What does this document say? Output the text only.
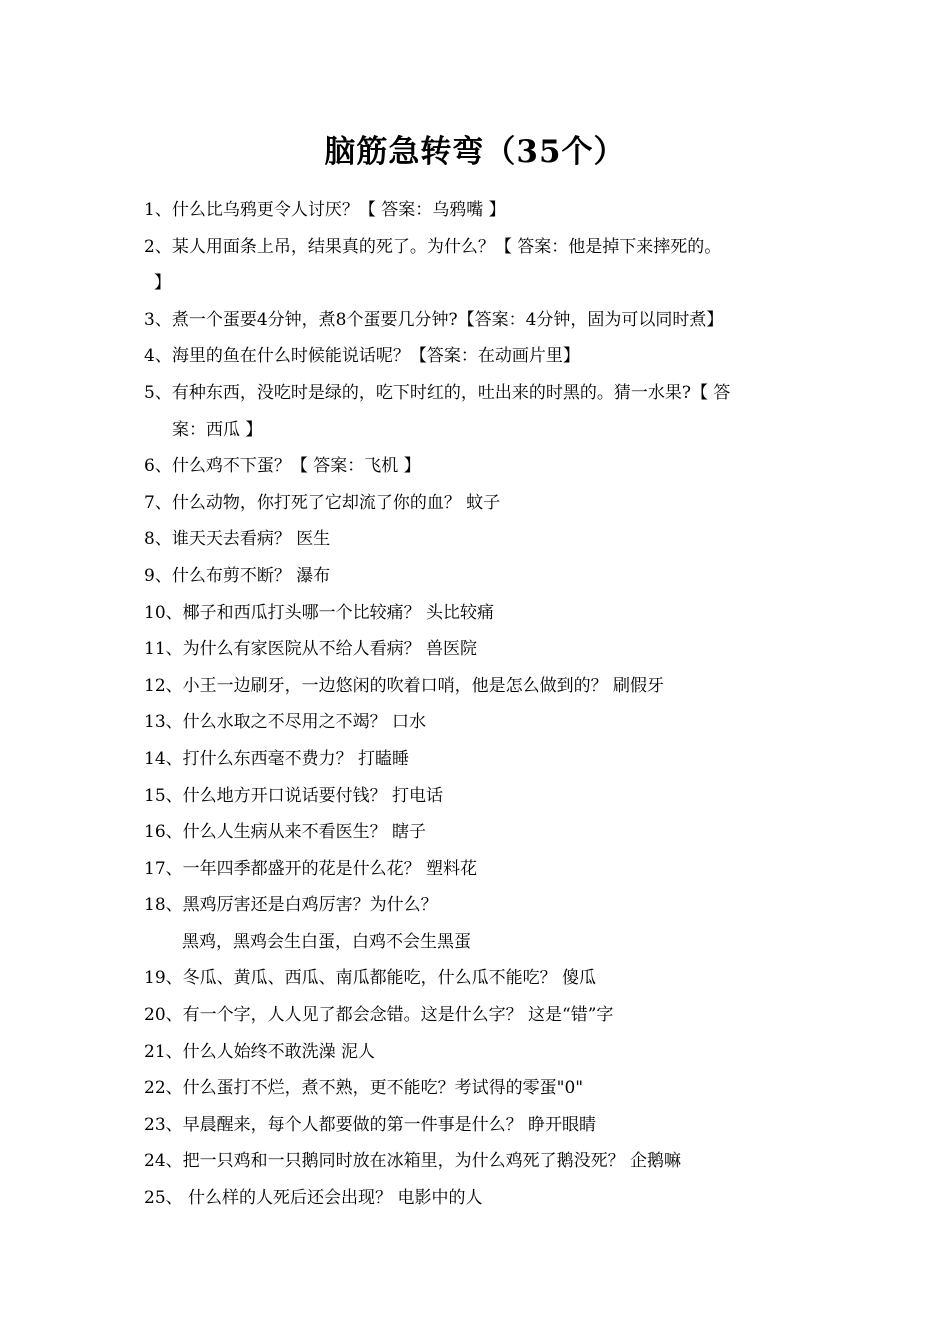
脑筋急转弯（35个）
1、什么比乌鸦更令人讨厌？【 答案：乌鸦嘴 】
2、某人用面条上吊，结果真的死了。为什么？【 答案：他是掉下来摔死的。
】
3、煮一个蛋要4分钟，煮8个蛋要几分钟?【答案：4分钟，固为可以同时煮】
4、海里的鱼在什么时候能说话呢？【答案：在动画片里】
5、有种东西，没吃时是绿的，吃下时红的，吐出来的时黑的。猜一水果?【 答
案：西瓜 】
6、什么鸡不下蛋？【 答案：飞机 】
7、什么动物，你打死了它却流了你的血？ 蚊子
8、谁天天去看病？ 医生
9、什么布剪不断？ 瀑布
10、椰子和西瓜打头哪一个比较痛？ 头比较痛
11、为什么有家医院从不给人看病？ 兽医院
12、小王一边刷牙，一边悠闲的吹着口哨，他是怎么做到的？ 刷假牙
13、什么水取之不尽用之不竭？ 口水
14、打什么东西毫不费力？ 打瞌睡
15、什么地方开口说话要付钱？ 打电话
16、什么人生病从来不看医生？ 瞎子
17、一年四季都盛开的花是什么花？ 塑料花
18、黑鸡厉害还是白鸡厉害？为什么？
黑鸡，黑鸡会生白蛋，白鸡不会生黑蛋
19、冬瓜、黄瓜、西瓜、南瓜都能吃，什么瓜不能吃？ 傻瓜
20、有一个字，人人见了都会念错。这是什么字？ 这是“错”字
21、什么人始终不敢洗澡 泥人
22、什么蛋打不烂，煮不熟，更不能吃？考试得的零蛋"0"
23、早晨醒来，每个人都要做的第一件事是什么？ 睁开眼睛
24、把一只鸡和一只鹅同时放在冰箱里，为什么鸡死了鹅没死？ 企鹅嘛
25、 什么样的人死后还会出现？ 电影中的人
